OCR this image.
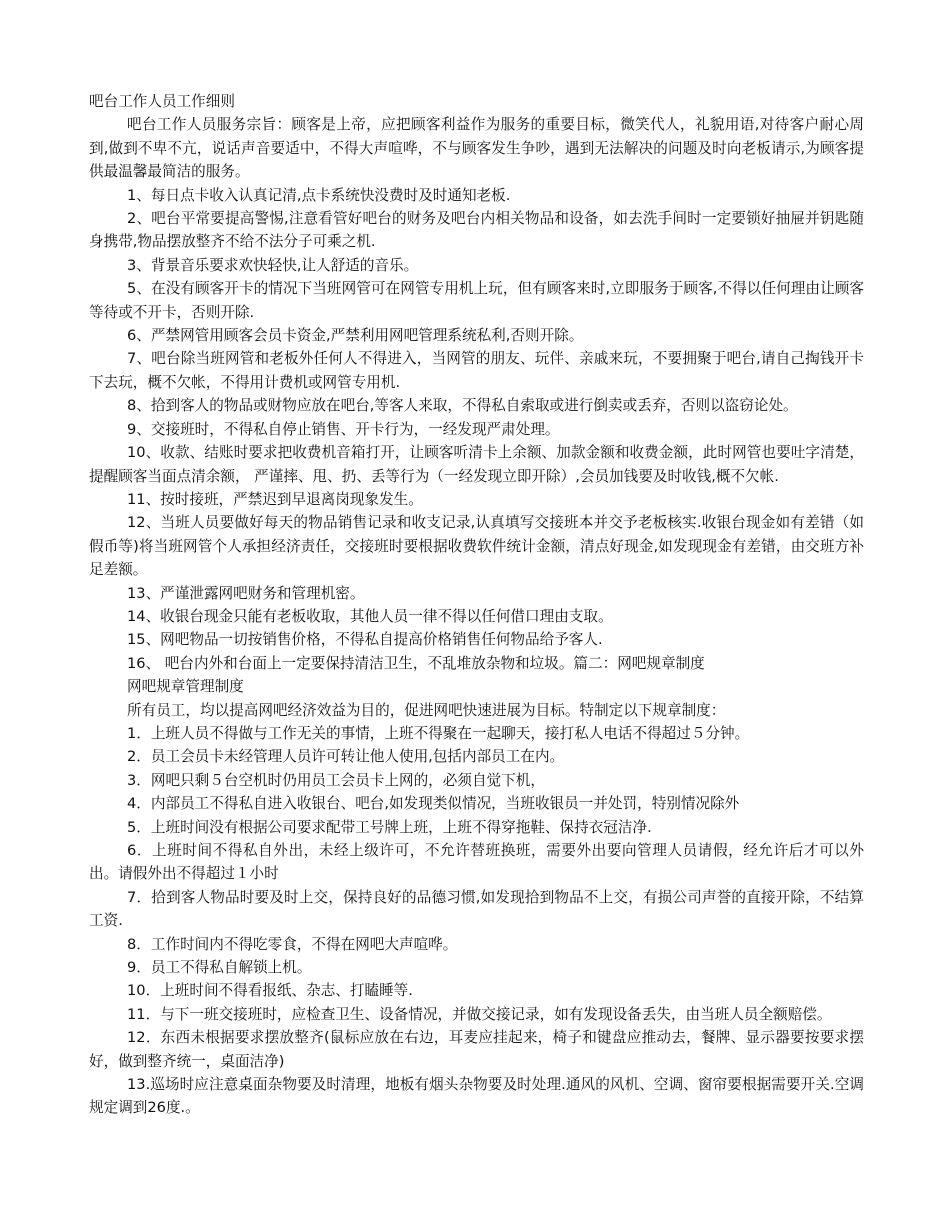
吧台工作人员工作细则

吧台工作人员服务宗旨：顾客是上帝，应把顾客利益作为服务的重要目标，微笑代人，礼貌用语,对待客户耐心周到,做到不卑不亢，说话声音要适中，不得大声喧哗，不与顾客发生争吵，遇到无法解决的问题及时向老板请示,为顾客提供最温馨最简洁的服务。

1、每日点卡收入认真记清,点卡系统快没费时及时通知老板.

2、吧台平常要提高警惕,注意看管好吧台的财务及吧台内相关物品和设备，如去洗手间时一定要锁好抽屉并钥匙随身携带,物品摆放整齐不给不法分子可乘之机.

3、背景音乐要求欢快轻快,让人舒适的音乐。

5、在没有顾客开卡的情况下当班网管可在网管专用机上玩，但有顾客来时,立即服务于顾客,不得以任何理由让顾客等待或不开卡，否则开除.

6、严禁网管用顾客会员卡资金,严禁利用网吧管理系统私利,否则开除。

7、吧台除当班网管和老板外任何人不得进入，当网管的朋友、玩伴、亲戚来玩，不要拥聚于吧台,请自己掏钱开卡下去玩，概不欠帐，不得用计费机或网管专用机.

8、拾到客人的物品或财物应放在吧台,等客人来取，不得私自索取或进行倒卖或丢弃，否则以盗窃论处。

9、交接班时，不得私自停止销售、开卡行为，一经发现严肃处理。

10、收款、结账时要求把收费机音箱打开，让顾客听清卡上余额、加款金额和收费金额，此时网管也要吐字清楚，提醒顾客当面点清余额， 严谨摔、甩、扔、丢等行为（一经发现立即开除）,会员加钱要及时收钱,概不欠帐.

11、按时接班，严禁迟到早退离岗现象发生。

12、当班人员要做好每天的物品销售记录和收支记录,认真填写交接班本并交予老板核实.收银台现金如有差错（如假币等)将当班网管个人承担经济责任，交接班时要根据收费软件统计金额，清点好现金,如发现现金有差错，由交班方补足差额。

13、严谨泄露网吧财务和管理机密。

14、收银台现金只能有老板收取，其他人员一律不得以任何借口理由支取。

15、网吧物品一切按销售价格，不得私自提高价格销售任何物品给予客人.

16、 吧台内外和台面上一定要保持清洁卫生，不乱堆放杂物和垃圾。篇二：网吧规章制度

网吧规章管理制度

所有员工，均以提高网吧经济效益为目的，促进网吧快速进展为目标。特制定以下规章制度：

1．上班人员不得做与工作无关的事情，上班不得聚在一起聊天，接打私人电话不得超过５分钟。

2．员工会员卡未经管理人员许可转让他人使用,包括内部员工在内。

3．网吧只剩５台空机时仍用员工会员卡上网的，必须自觉下机，

4．内部员工不得私自进入收银台、吧台,如发现类似情况，当班收银员一并处罚，特别情况除外

5．上班时间没有根据公司要求配带工号牌上班，上班不得穿拖鞋、保持衣冠洁净.

6．上班时间不得私自外出，未经上级许可，不允许替班换班，需要外出要向管理人员请假，经允许后才可以外出。请假外出不得超过１小时

7．拾到客人物品时要及时上交，保持良好的品德习惯,如发现拾到物品不上交，有损公司声誉的直接开除，不结算工资.

8．工作时间内不得吃零食，不得在网吧大声喧哗。

9．员工不得私自解锁上机。

10．上班时间不得看报纸、杂志、打瞌睡等.

11．与下一班交接班时，应检查卫生、设备情况，并做交接记录，如有发现设备丢失，由当班人员全额赔偿。

12．东西未根据要求摆放整齐(鼠标应放在右边，耳麦应挂起来，椅子和键盘应推动去，餐牌、显示器要按要求摆好，做到整齐统一，桌面洁净)

13.巡场时应注意桌面杂物要及时清理，地板有烟头杂物要及时处理.通风的风机、空调、窗帘要根据需要开关.空调规定调到26度.。
